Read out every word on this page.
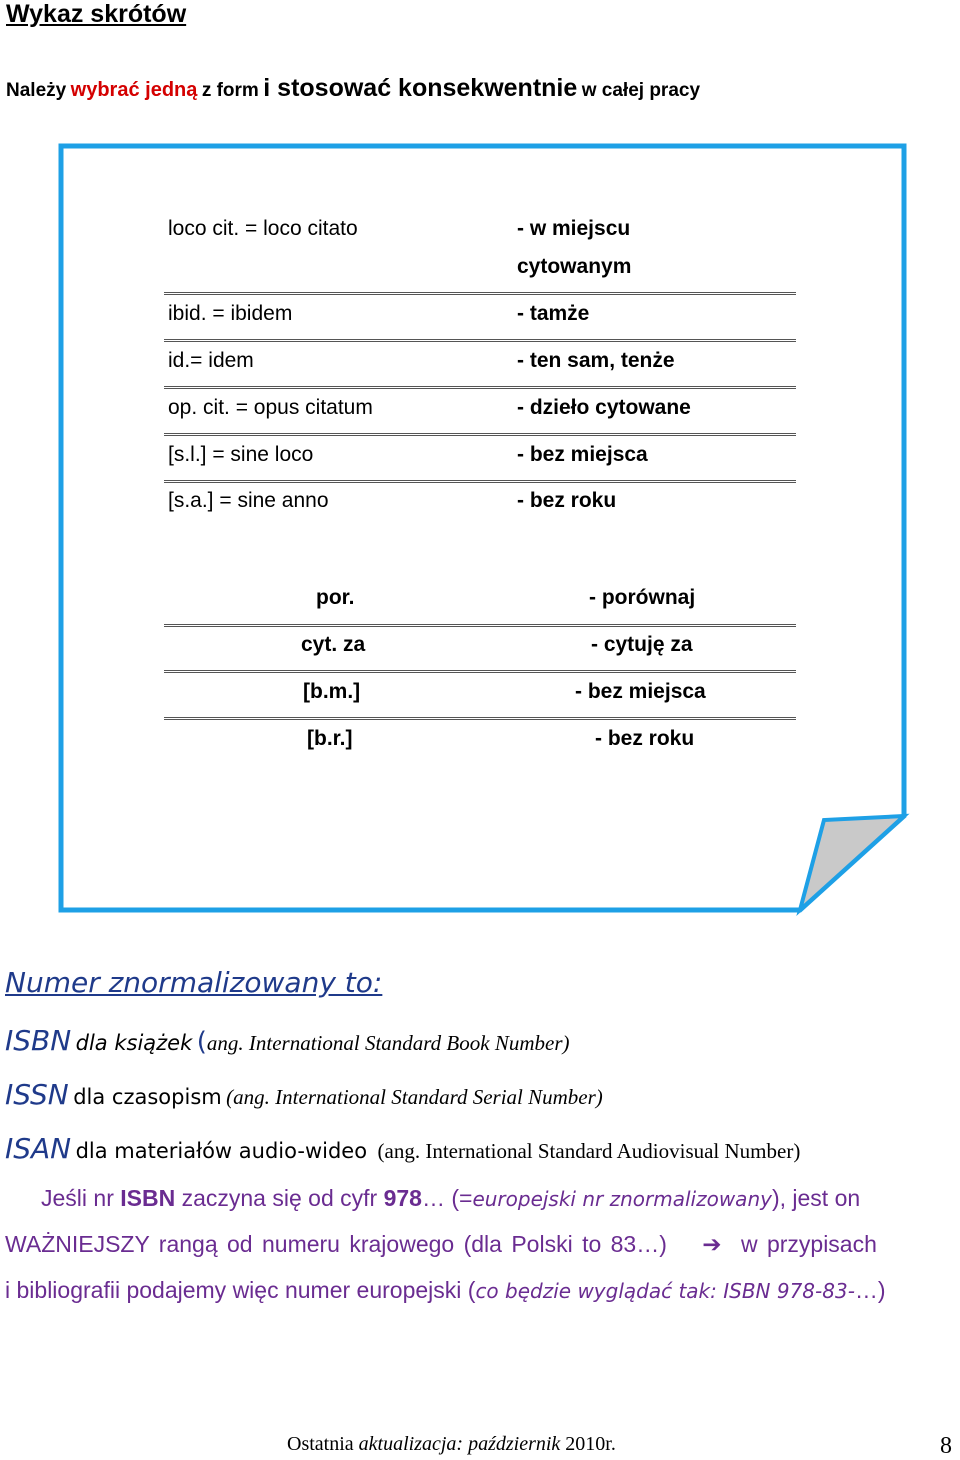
Wykaz skrótów
Należy wybrać jedną z form i stosować konsekwentnie w całej pracy
loco cit. = loco citato	- w miejscu
cytowanym
ibid. = ibidem	- tamże
id.= idem	- ten sam, tenże
op. cit. = opus citatum	- dzieło cytowane
[s.l.] = sine loco	- bez miejsca
[s.a.] = sine anno	- bez roku
por.	- porównaj
cyt. za	- cytuję za
[b.m.]	- bez miejsca
[b.r.]	- bez roku
Numer znormalizowany to:
ISBN dla książek (ang. International Standard Book Number)
ISSN dla czasopism (ang. International Standard Serial Number)
ISAN dla materiałów audio-wideo (ang. International Standard Audiovisual Number)
Jeśli nr ISBN zaczyna się od cyfr 978… (=europejski nr znormalizowany), jest on
WAŻNIEJSZY rangą od numeru krajowego (dla Polski to 83…) ➔ w przypisach
i bibliografii podajemy więc numer europejski (co będzie wyglądać tak: ISBN 978-83-…)
Ostatnia aktualizacja: październik 2010r.	8
